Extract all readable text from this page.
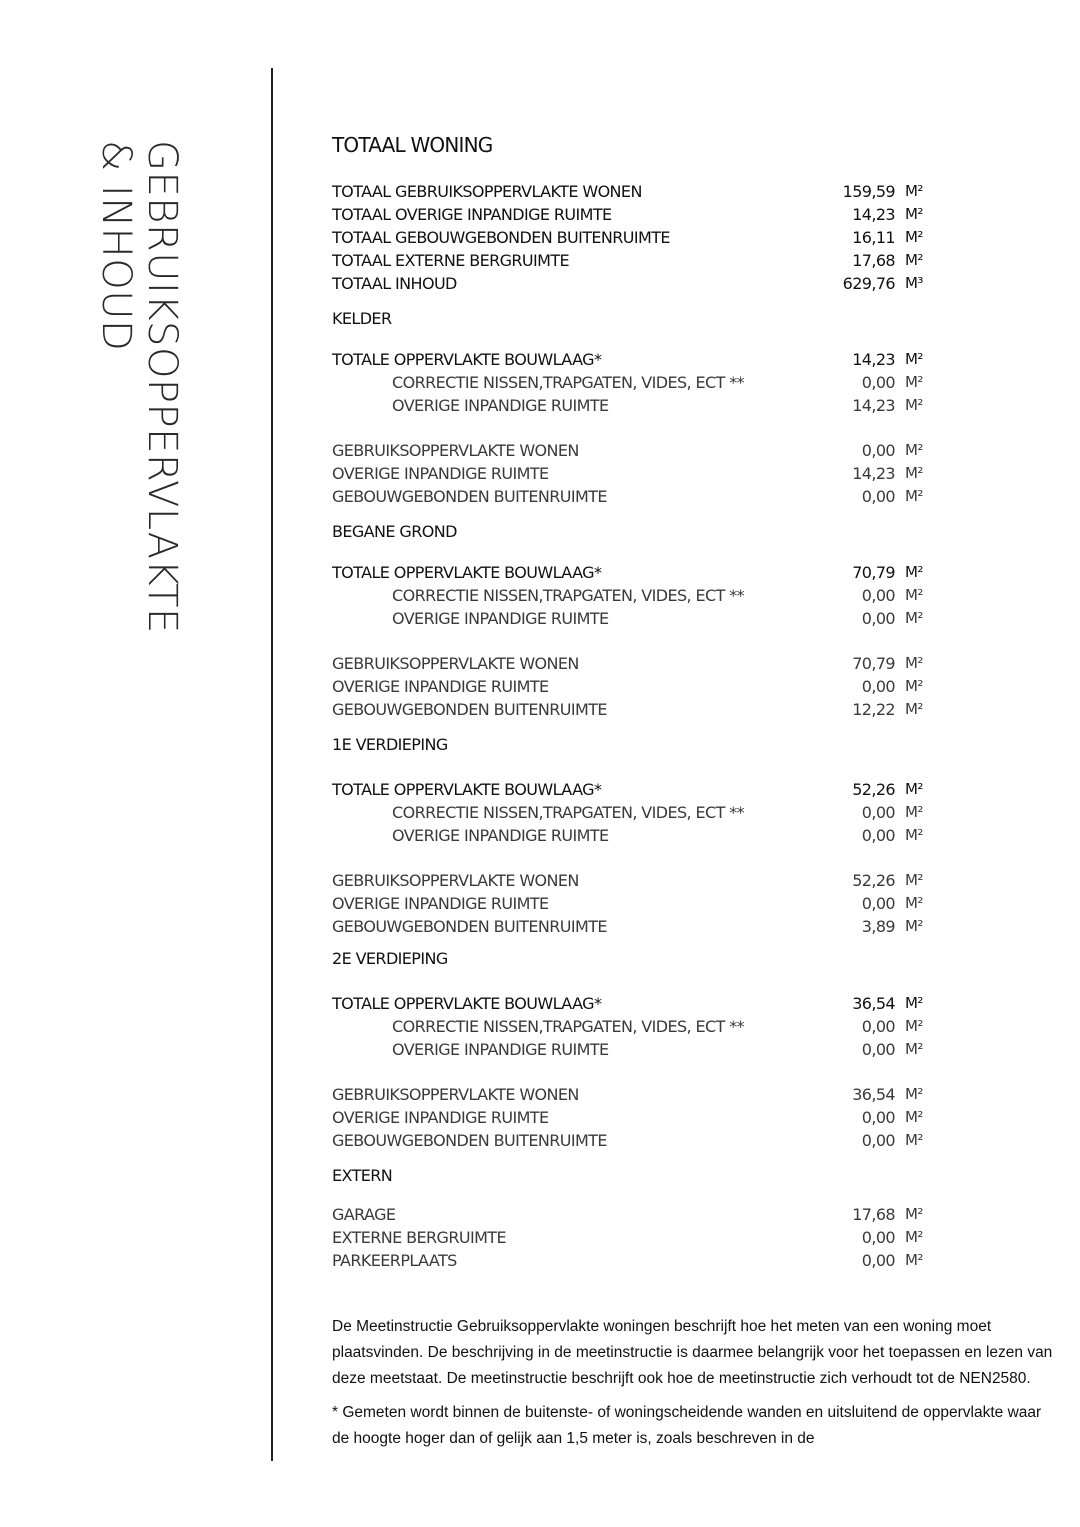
GEBRUIKSOPPERVLAKTE
& INHOUD	TOTAAL WONING
TOTAAL GEBRUIKSOPPERVLAKTE WONEN	159,59 M²
TOTAAL OVERIGE INPANDIGE RUIMTE	14,23 M²
TOTAAL GEBOUWGEBONDEN BUITENRUIMTE	16,11 M²
TOTAAL EXTERNE BERGRUIMTE	17,68 M²
TOTAAL INHOUD	629,76 M³
KELDER
TOTALE OPPERVLAKTE BOUWLAAG*	14,23 M²
CORRECTIE NISSEN,TRAPGATEN, VIDES, ECT **	0,00 M²
OVERIGE INPANDIGE RUIMTE	14,23 M²
GEBRUIKSOPPERVLAKTE WONEN	0,00 M²
OVERIGE INPANDIGE RUIMTE	14,23 M²
GEBOUWGEBONDEN BUITENRUIMTE	0,00 M²
BEGANE GROND
TOTALE OPPERVLAKTE BOUWLAAG*	70,79 M²
CORRECTIE NISSEN,TRAPGATEN, VIDES, ECT **	0,00 M²
OVERIGE INPANDIGE RUIMTE	0,00 M²
GEBRUIKSOPPERVLAKTE WONEN	70,79 M²
OVERIGE INPANDIGE RUIMTE	0,00 M²
GEBOUWGEBONDEN BUITENRUIMTE	12,22 M²
1E VERDIEPING
TOTALE OPPERVLAKTE BOUWLAAG*	52,26 M²
CORRECTIE NISSEN,TRAPGATEN, VIDES, ECT **	0,00 M²
OVERIGE INPANDIGE RUIMTE	0,00 M²
GEBRUIKSOPPERVLAKTE WONEN	52,26 M²
OVERIGE INPANDIGE RUIMTE	0,00 M²
GEBOUWGEBONDEN BUITENRUIMTE	3,89 M²
2E VERDIEPING
TOTALE OPPERVLAKTE BOUWLAAG*	36,54 M²
CORRECTIE NISSEN,TRAPGATEN, VIDES, ECT **	0,00 M²
OVERIGE INPANDIGE RUIMTE	0,00 M²
GEBRUIKSOPPERVLAKTE WONEN	36,54 M²
OVERIGE INPANDIGE RUIMTE	0,00 M²
GEBOUWGEBONDEN BUITENRUIMTE	0,00 M²
EXTERN
GARAGE	17,68 M²
EXTERNE BERGRUIMTE	0,00 M²
PARKEERPLAATS	0,00 M²

De Meetinstructie Gebruiksoppervlakte woningen beschrijft hoe het meten van een woning moet plaatsvinden. De beschrijving in de meetinstructie is daarmee belangrijk voor het toepassen en lezen van deze meetstaat. De meetinstructie beschrijft ook hoe de meetinstructie zich verhoudt tot de NEN2580.

* Gemeten wordt binnen de buitenste- of woningscheidende wanden en uitsluitend de oppervlakte waar de hoogte hoger dan of gelijk aan 1,5 meter is, zoals beschreven in de
